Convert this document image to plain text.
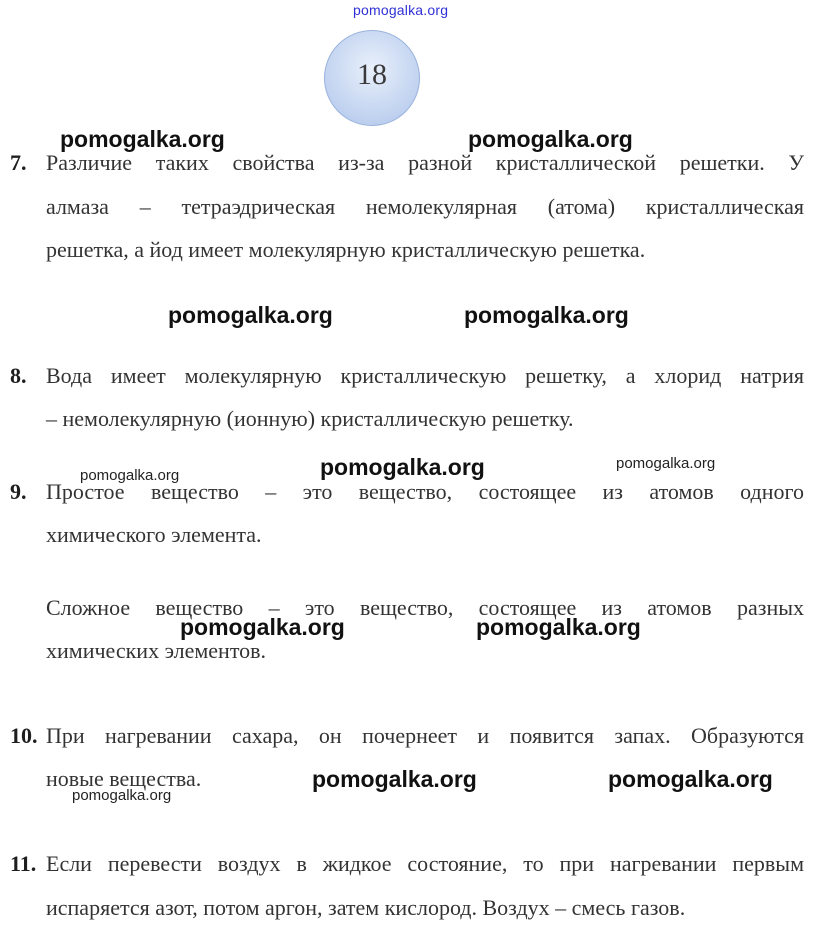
pomogalka.org
18
7. Различие таких свойства из-за разной кристаллической решетки. У
алмаза – тетраэдрическая немолекулярная (атома) кристаллическая
решетка, а йод имеет молекулярную кристаллическую решетка.
8. Вода имеет молекулярную кристаллическую решетку, а хлорид натрия
– немолекулярную (ионную) кристаллическую решетку.
9. Простое вещество – это вещество, состоящее из атомов одного
химического элемента.
Сложное вещество – это вещество, состоящее из атомов разных
химических элементов.
10. При нагревании сахара, он почернеет и появится запах. Образуются
новые вещества.
11. Если перевести воздух в жидкое состояние, то при нагревании первым
испаряется азот, потом аргон, затем кислород. Воздух – смесь газов.
pomogalka.org	pomogalka.org
pomogalka.org	pomogalka.org
pomogalka.org	pomogalka.org	pomogalka.org
pomogalka.org	pomogalka.org
pomogalka.org	pomogalka.org
pomogalka.org
